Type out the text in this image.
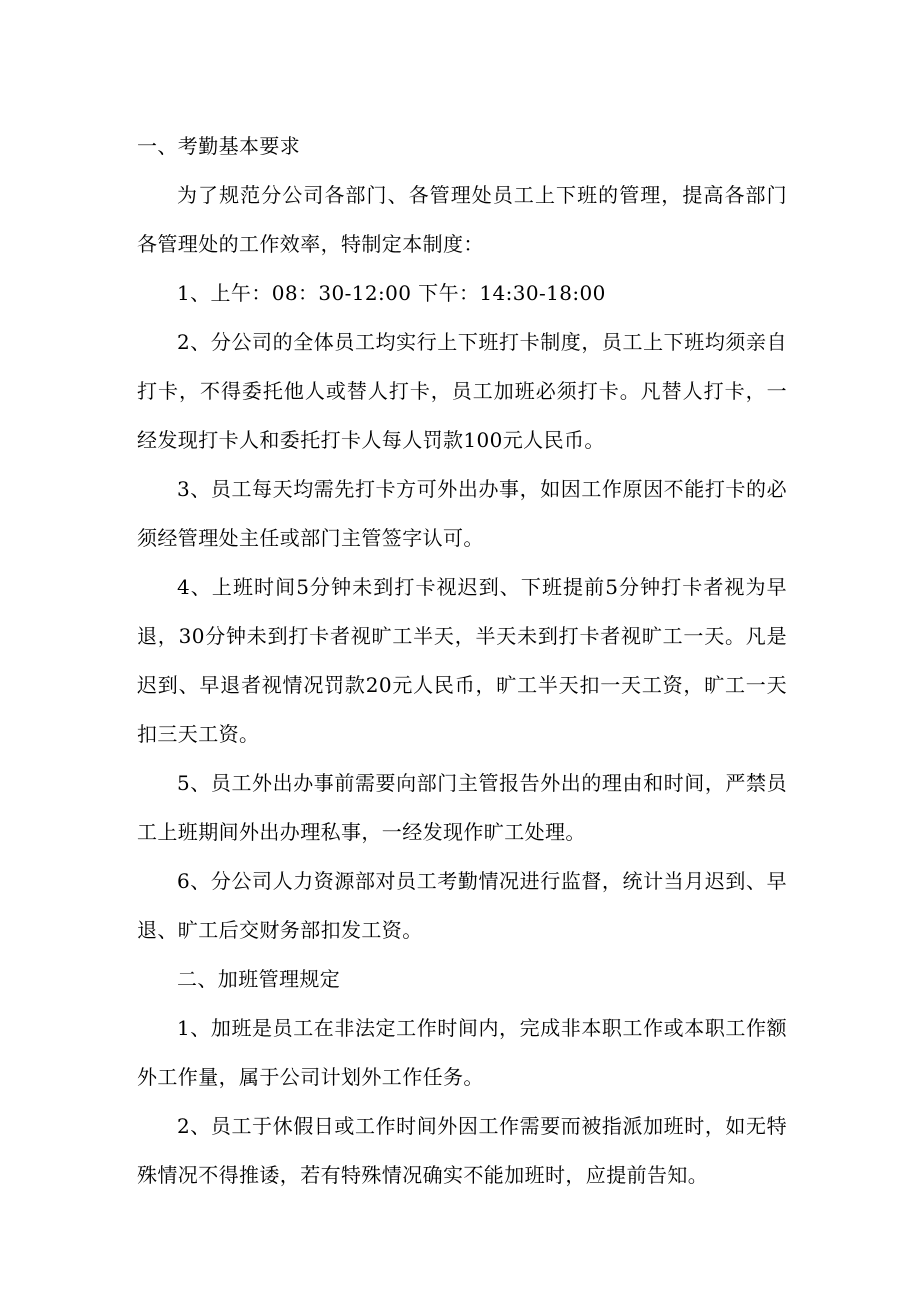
一、考勤基本要求

为了规范分公司各部门、各管理处员工上下班的管理，提高各部门各管理处的工作效率，特制定本制度：

1、上午：08：30-12:00 下午：14:30-18:00

2、分公司的全体员工均实行上下班打卡制度，员工上下班均须亲自打卡，不得委托他人或替人打卡，员工加班必须打卡。凡替人打卡，一经发现打卡人和委托打卡人每人罚款100元人民币。

3、员工每天均需先打卡方可外出办事，如因工作原因不能打卡的必须经管理处主任或部门主管签字认可。

4、上班时间5分钟未到打卡视迟到、下班提前5分钟打卡者视为早退，30分钟未到打卡者视旷工半天，半天未到打卡者视旷工一天。凡是迟到、早退者视情况罚款20元人民币，旷工半天扣一天工资，旷工一天扣三天工资。

5、员工外出办事前需要向部门主管报告外出的理由和时间，严禁员工上班期间外出办理私事，一经发现作旷工处理。

6、分公司人力资源部对员工考勤情况进行监督，统计当月迟到、早退、旷工后交财务部扣发工资。

二、加班管理规定

1、加班是员工在非法定工作时间内，完成非本职工作或本职工作额外工作量，属于公司计划外工作任务。

2、员工于休假日或工作时间外因工作需要而被指派加班时，如无特殊情况不得推诿，若有特殊情况确实不能加班时，应提前告知。
